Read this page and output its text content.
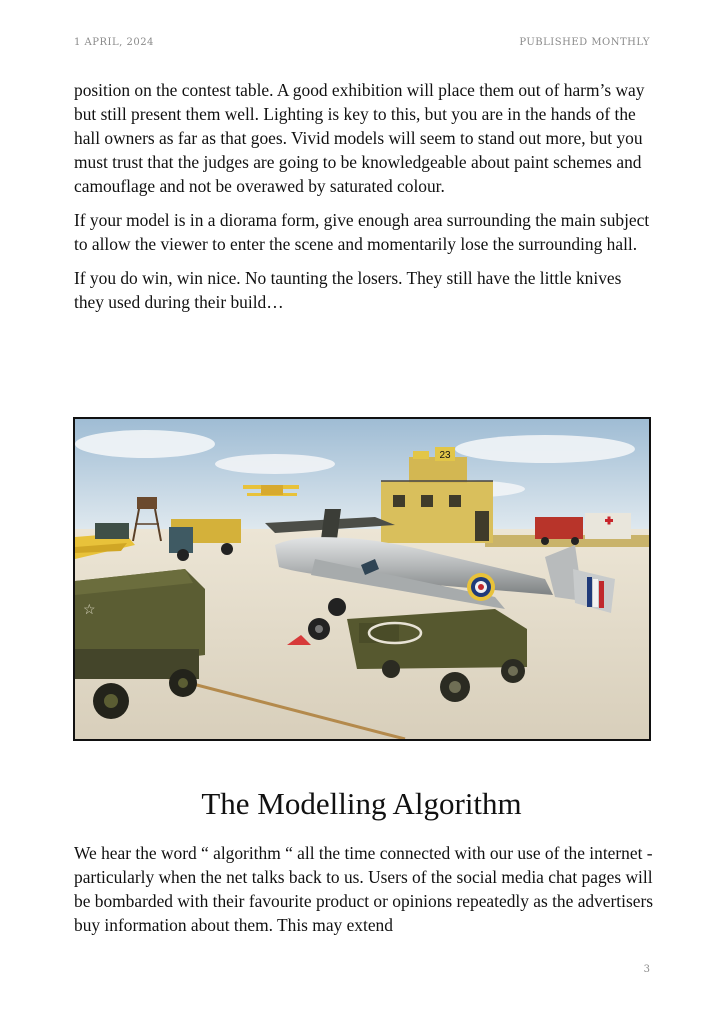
1 APRIL, 2024	PUBLISHED MONTHLY

position on the contest table. A good exhibition will place them out of harm’s way but still present them well. Lighting is key to this, but you are in the hands of the hall owners as far as that goes. Vivid models will seem to stand out more, but you must trust that the judges are going to be knowledgeable about paint schemes and camouflage and not be overawed by saturated colour.

If your model is in a diorama form, give enough area surrounding the main subject to allow the viewer to enter the scene and momentarily lose the surrounding hall.

If you do win, win nice. No taunting the losers. They still have the little knives they used during their build…

23
☆
The Modelling Algorithm

We hear the word “ algorithm “ all the time connected with our use of the internet - particularly when the net talks back to us. Users of the social media chat pages will be bombarded with their favourite product or opinions repeatedly as the advertisers buy information about them. This may extend

3
